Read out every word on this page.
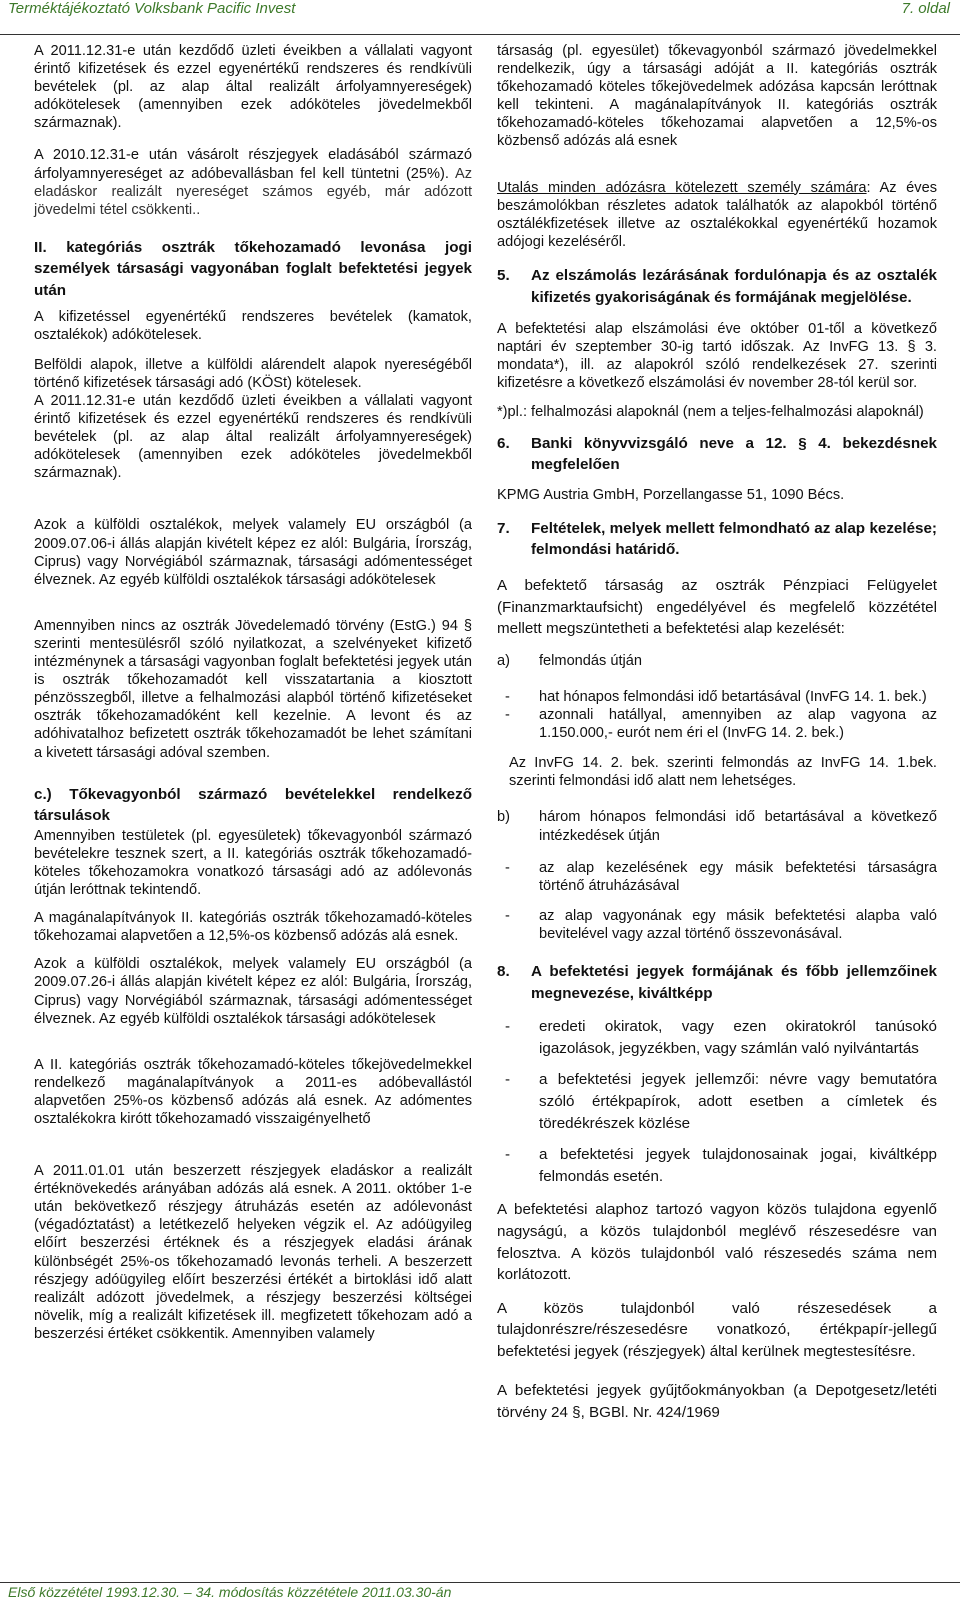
Terméktájékoztató Volksbank Pacific Invest	7. oldal

A 2011.12.31-e után kezdődő üzleti éveikben a vállalati vagyont érintő kifizetések és ezzel egyenértékű rendszeres és rendkívüli bevételek (pl. az alap által realizált árfolyamnyereségek) adókötelesek (amennyiben ezek adóköteles jövedelmekből származnak).

A 2010.12.31-e után vásárolt részjegyek eladásából származó árfolyamnyereséget az adóbevallásban fel kell tüntetni (25%). Az eladáskor realizált nyereséget számos egyéb, már adózott jövedelmi tétel csökkenti..

II. kategóriás osztrák tőkehozamadó levonása jogi személyek társasági vagyonában foglalt befektetési jegyek után

A kifizetéssel egyenértékű rendszeres bevételek (kamatok, osztalékok) adókötelesek.

Belföldi alapok, illetve a külföldi alárendelt alapok nyereségéből történő kifizetések társasági adó (KÖSt) kötelesek.

A 2011.12.31-e után kezdődő üzleti éveikben a vállalati vagyont érintő kifizetések és ezzel egyenértékű rendszeres és rendkívüli bevételek (pl. az alap által realizált árfolyamnyereségek) adókötelesek (amennyiben ezek adóköteles jövedelmekből származnak).

Azok a külföldi osztalékok, melyek valamely EU országból (a 2009.07.06-i állás alapján kivételt képez ez alól: Bulgária, Írország, Ciprus) vagy Norvégiából származnak, társasági adómentességet élveznek. Az egyéb külföldi osztalékok társasági adókötelesek

Amennyiben nincs az osztrák Jövedelemadó törvény (EstG.) 94 § szerinti mentesülésről szóló nyilatkozat, a szelvényeket kifizető intézménynek a társasági vagyonban foglalt befektetési jegyek után is osztrák tőkehozamadót kell visszatartania a kiosztott pénzösszegből, illetve a felhalmozási alapból történő kifizetéseket osztrák tőkehozamadóként kell kezelnie. A levont és az adóhivatalhoz befizetett osztrák tőkehozamadót be lehet számítani a kivetett társasági adóval szemben.

c.) Tőkevagyonból származó bevételekkel rendelkező társulások

Amennyiben testületek (pl. egyesületek) tőkevagyonból származó bevételekre tesznek szert, a II. kategóriás osztrák tőkehozamadó-köteles tőkehozamokra vonatkozó társasági adó az adólevonás útján leróttnak tekintendő.

A magánalapítványok II. kategóriás osztrák tőkehozamadó-köteles tőkehozamai alapvetően a 12,5%-os közbenső adózás alá esnek.

Azok a külföldi osztalékok, melyek valamely EU országból (a 2009.07.26-i állás alapján kivételt képez ez alól: Bulgária, Írország, Ciprus) vagy Norvégiából származnak, társasági adómentességet élveznek. Az egyéb külföldi osztalékok társasági adókötelesek

A II. kategóriás osztrák tőkehozamadó-köteles tőkejövedelmekkel rendelkező magánalapítványok a 2011-es adóbevallástól alapvetően 25%-os közbenső adózás alá esnek. Az adómentes osztalékokra kirótt tőkehozamadó visszaigényelhető

A 2011.01.01 után beszerzett részjegyek eladáskor a realizált értéknövekedés arányában adózás alá esnek. A 2011. október 1-e után bekövetkező részjegy átruházás esetén az adólevonást (végadóztatást) a letétkezelő helyeken végzik el. Az adóügyileg előírt beszerzési értéknek és a részjegyek eladási árának különbségét 25%-os tőkehozamadó levonás terheli. A beszerzett részjegy adóügyileg előírt beszerzési értékét a birtoklási idő alatt realizált adózott jövedelmek, a részjegy beszerzési költségei növelik, míg a realizált kifizetések ill. megfizetett tőkehozam adó a beszerzési értéket csökkentik. Amennyiben valamely

társaság (pl. egyesület) tőkevagyonból származó jövedelmekkel rendelkezik, úgy a társasági adóját a II. kategóriás osztrák tőkehozamadó köteles tőkejövedelmek adózása kapcsán leróttnak kell tekinteni. A magánalapítványok II. kategóriás osztrák tőkehozamadó-köteles tőkehozamai alapvetően a 12,5%-os közbenső adózás alá esnek

Utalás minden adózásra kötelezett személy számára: Az éves beszámolókban részletes adatok találhatók az alapokból történő osztálékfizetések illetve az osztalékokkal egyenértékű hozamok adójogi kezeléséről.

5.	Az elszámolás lezárásának fordulónapja és az osztalék kifizetés gyakoriságának és formájának megjelölése.

A befektetési alap elszámolási éve október 01-től a következő naptári év szeptember 30-ig tartó időszak. Az InvFG 13. § 3. mondata*), ill. az alapokról szóló rendelkezések 27. szerinti kifizetésre a következő elszámolási év november 28-tól kerül sor.

*)pl.: felhalmozási alapoknál (nem a teljes-felhalmozási alapoknál)

6.	Banki könyvvizsgáló neve a 12. § 4. bekezdésnek megfelelően

KPMG Austria GmbH, Porzellangasse 51, 1090 Bécs.

7.	Feltételek, melyek mellett felmondható az alap kezelése; felmondási határidő.

A befektető társaság az osztrák Pénzpiaci Felügyelet (Finanzmarktaufsicht) engedélyével és megfelelő közzététel mellett megszüntetheti a befektetési alap kezelését:

a)	felmondás útján
-	hat hónapos felmondási idő betartásával (InvFG 14. 1. bek.)
-	azonnali hatállyal, amennyiben az alap vagyona az 1.150.000,- eurót nem éri el (InvFG 14. 2. bek.)

Az InvFG 14. 2. bek. szerinti felmondás az InvFG 14. 1.bek. szerinti felmondási idő alatt nem lehetséges.

b)	három hónapos felmondási idő betartásával a következő intézkedések útján
-	az alap kezelésének egy másik befektetési társaságra történő átruházásával
-	az alap vagyonának egy másik befektetési alapba való bevitelével vagy azzal történő összevonásával.
8.	A befektetési jegyek formájának és főbb jellemzőinek megnevezése, kiváltképp
-	eredeti okiratok, vagy ezen okiratokról tanúsokó igazolások, jegyzékben, vagy számlán való nyilvántartás
-	a befektetési jegyek jellemzői: névre vagy bemutatóra szóló értékpapírok, adott esetben a címletek és töredékrészek közlése
-	a befektetési jegyek tulajdonosainak jogai, kiváltképp felmondás esetén.

A befektetési alaphoz tartozó vagyon közös tulajdona egyenlő nagyságú, a közös tulajdonból meglévő részesedésre van felosztva. A közös tulajdonból való részesedés száma nem korlátozott.

A közös tulajdonból való részesedések a tulajdonrészre/részesedésre vonatkozó, értékpapír-jellegű befektetési jegyek (részjegyek) által kerülnek megtestesítésre.

A befektetési jegyek gyűjtőokmányokban (a Depotgesetz/letéti törvény 24 §, BGBl. Nr. 424/1969

Első közzététel 1993.12.30. – 34. módosítás közzététele 2011.03.30-án
